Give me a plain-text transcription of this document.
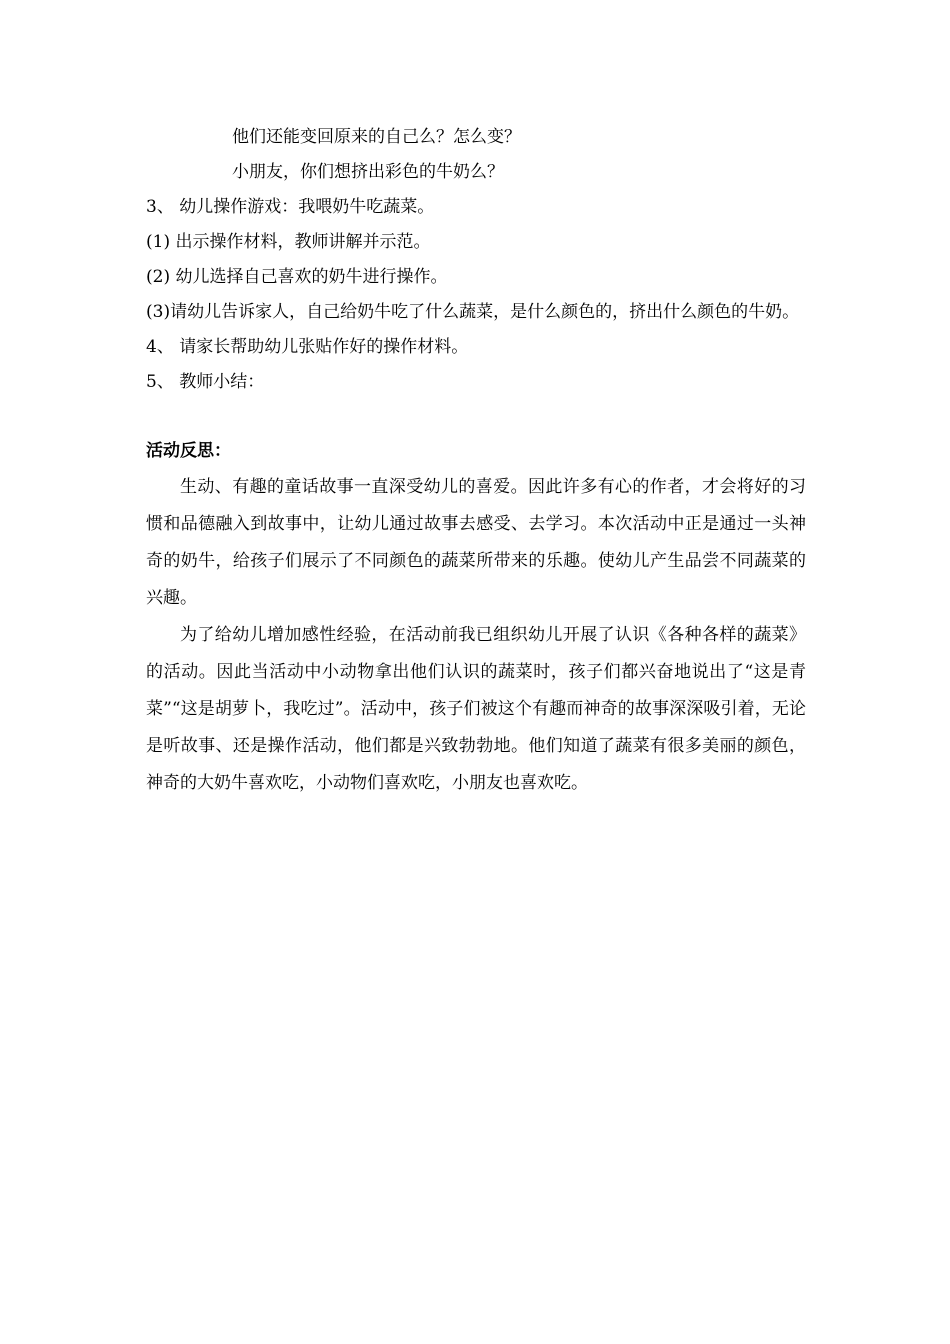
他们还能变回原来的自己么？怎么变？
小朋友，你们想挤出彩色的牛奶么？
3、 幼儿操作游戏：我喂奶牛吃蔬菜。
(1) 出示操作材料，教师讲解并示范。
(2) 幼儿选择自己喜欢的奶牛进行操作。

(3)请幼儿告诉家人，自己给奶牛吃了什么蔬菜，是什么颜色的，挤出什么颜色的牛奶。

4、 请家长帮助幼儿张贴作好的操作材料。
5、 教师小结：
活动反思：

生动、有趣的童话故事一直深受幼儿的喜爱。因此许多有心的作者，才会将好的习惯和品德融入到故事中，让幼儿通过故事去感受、去学习。本次活动中正是通过一头神奇的奶牛，给孩子们展示了不同颜色的蔬菜所带来的乐趣。使幼儿产生品尝不同蔬菜的兴趣。

为了给幼儿增加感性经验，在活动前我已组织幼儿开展了认识《各种各样的蔬菜》的活动。因此当活动中小动物拿出他们认识的蔬菜时，孩子们都兴奋地说出了“这是青菜”“这是胡萝卜，我吃过”。活动中，孩子们被这个有趣而神奇的故事深深吸引着，无论是听故事、还是操作活动，他们都是兴致勃勃地。他们知道了蔬菜有很多美丽的颜色，神奇的大奶牛喜欢吃，小动物们喜欢吃，小朋友也喜欢吃。
